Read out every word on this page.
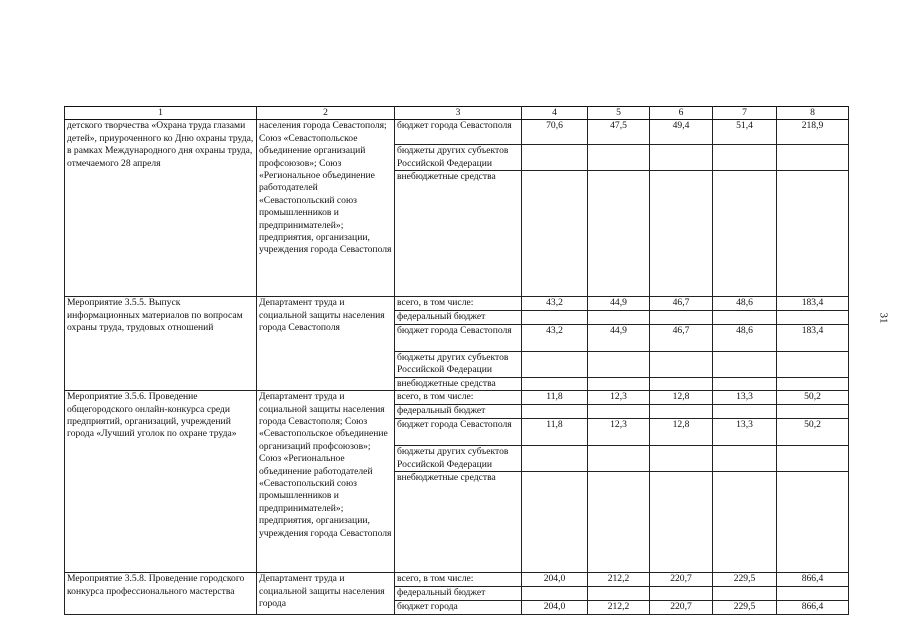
1	2	3	4	5	6	7	8
детского творчества «Охрана труда глазами детей», приуроченного ко Дню охраны труда, в рамках Международного дня охраны труда, отмечаемого 28 апреля	населения города Севастополя; Союз «Севастопольское объединение организаций профсоюзов»; Союз «Региональное объединение работодателей «Севастопольский союз промышленников и предпринимателей»; предприятия, организации, учреждения города Севастополя	бюджет города Севастополя	70,6	47,5	49,4	51,4	218,9
		бюджеты других субъектов Российской Федерации					
		внебюджетные средства					
Мероприятие 3.5.5. Выпуск информационных материалов по вопросам охраны труда, трудовых отношений	Департамент труда и социальной защиты населения города Севастополя	всего, в том числе:	43,2	44,9	46,7	48,6	183,4
		федеральный бюджет					
		бюджет города Севастополя	43,2	44,9	46,7	48,6	183,4
		бюджеты других субъектов Российской Федерации					
		внебюджетные средства					
Мероприятие 3.5.6. Проведение общегородского онлайн-конкурса среди предприятий, организаций, учреждений города «Лучший уголок по охране труда»	Департамент труда и социальной защиты населения города Севастополя; Союз «Севастопольское объединение организаций профсоюзов»; Союз «Региональное объединение работодателей «Севастопольский союз промышленников и предпринимателей»; предприятия, организации, учреждения города Севастополя	всего, в том числе:	11,8	12,3	12,8	13,3	50,2
		федеральный бюджет					
		бюджет города Севастополя	11,8	12,3	12,8	13,3	50,2
		бюджеты других субъектов Российской Федерации					
		внебюджетные средства					
Мероприятие 3.5.8. Проведение городского конкурса профессионального мастерства	Департамент труда и социальной защиты населения города	всего, в том числе:	204,0	212,2	220,7	229,5	866,4
		федеральный бюджет					
		бюджет города	204,0	212,2	220,7	229,5	866,4
31
